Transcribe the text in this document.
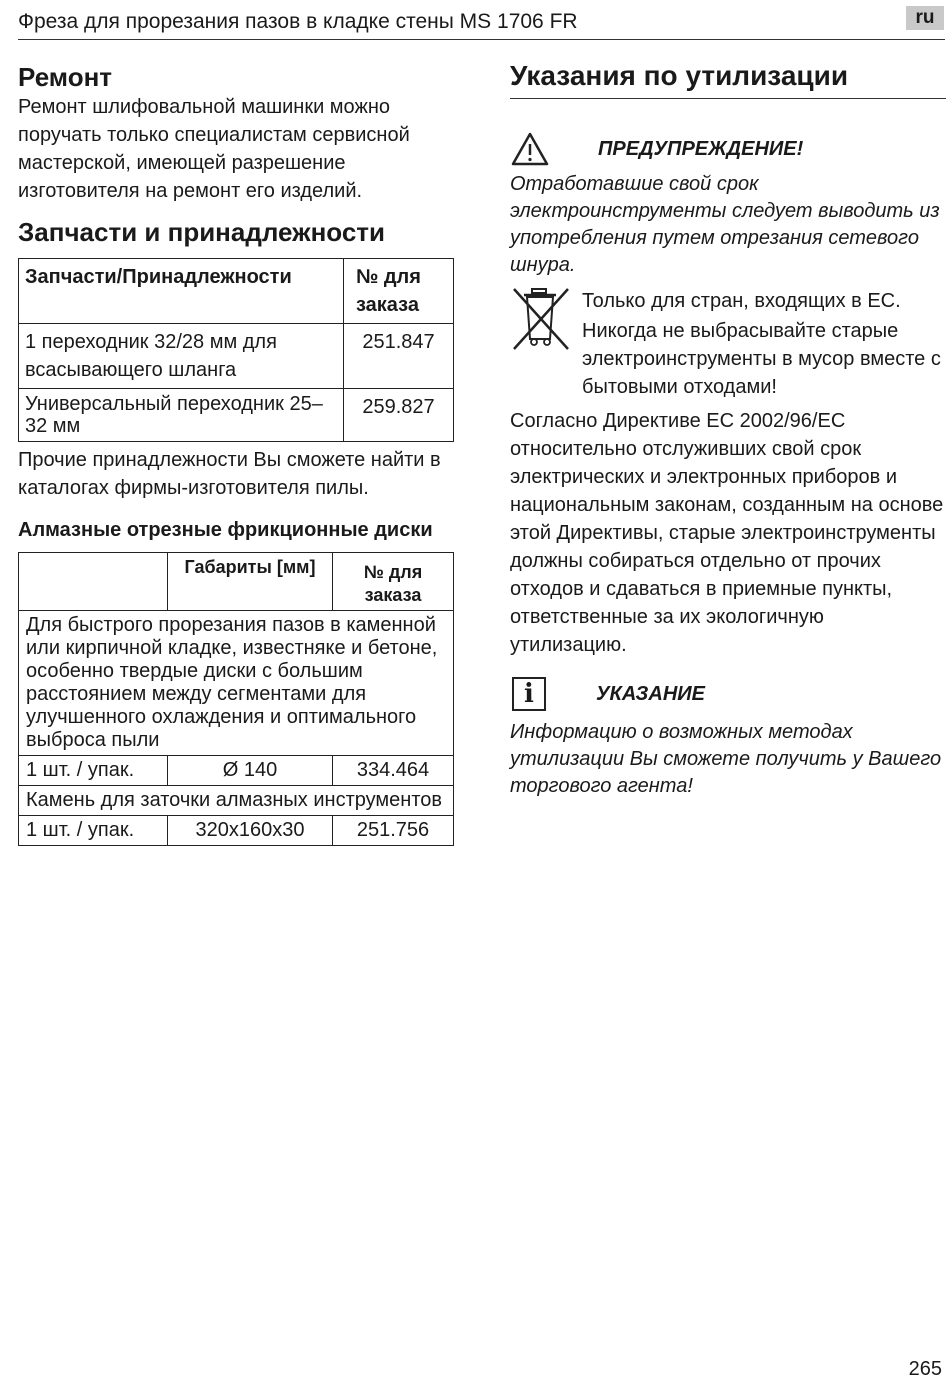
Фреза для прорезания пазов в кладке стены MS 1706 FR	ru
Ремонт

Ремонт шлифовальной машинки можно поручать только специалистам сервисной мастерской, имеющей разрешение изготовителя на ремонт его изделий.

Запчасти и принадлежности
Запчасти/Принадлежности	№ для заказа
1 переходник 32/28 мм для всасывающего шланга	251.847
Универсальный переходник 25–32 мм	259.827

Прочие принадлежности Вы сможете найти в каталогах фирмы-изготовителя пилы.

Алмазные отрезные фрикционные диски
	Габариты [мм]	№ для заказа
Для быстрого прорезания пазов в каменной или кирпичной кладке, известняке и бетоне, особенно твердые диски с большим расстоянием между сегментами для улучшенного охлаждения и оптимального выброса пыли		
1 шт. / упак.	Ø 140	334.464
Камень для заточки алмазных инструментов		
1 шт. / упак.	320x160x30	251.756
Указания по утилизации
ПРЕДУПРЕЖДЕНИЕ!

Отработавшие свой срок электроинструменты следует выводить из употребления путем отрезания сетевого шнура.

Только для стран, входящих в ЕС.

Никогда не выбрасывайте старые электроинструменты в мусор вместе с бытовыми отходами!

Согласно Директиве ЕС 2002/96/ЕС относительно отслуживших свой срок электрических и электронных приборов и национальным законам, созданным на основе этой Директивы, старые электроинструменты должны собираться отдельно от прочих отходов и сдаваться в приемные пункты, ответственные за их экологичную утилизацию.

i	УКАЗАНИЕ

Информацию о возможных методах утилизации Вы сможете получить у Вашего торгового агента!

265
